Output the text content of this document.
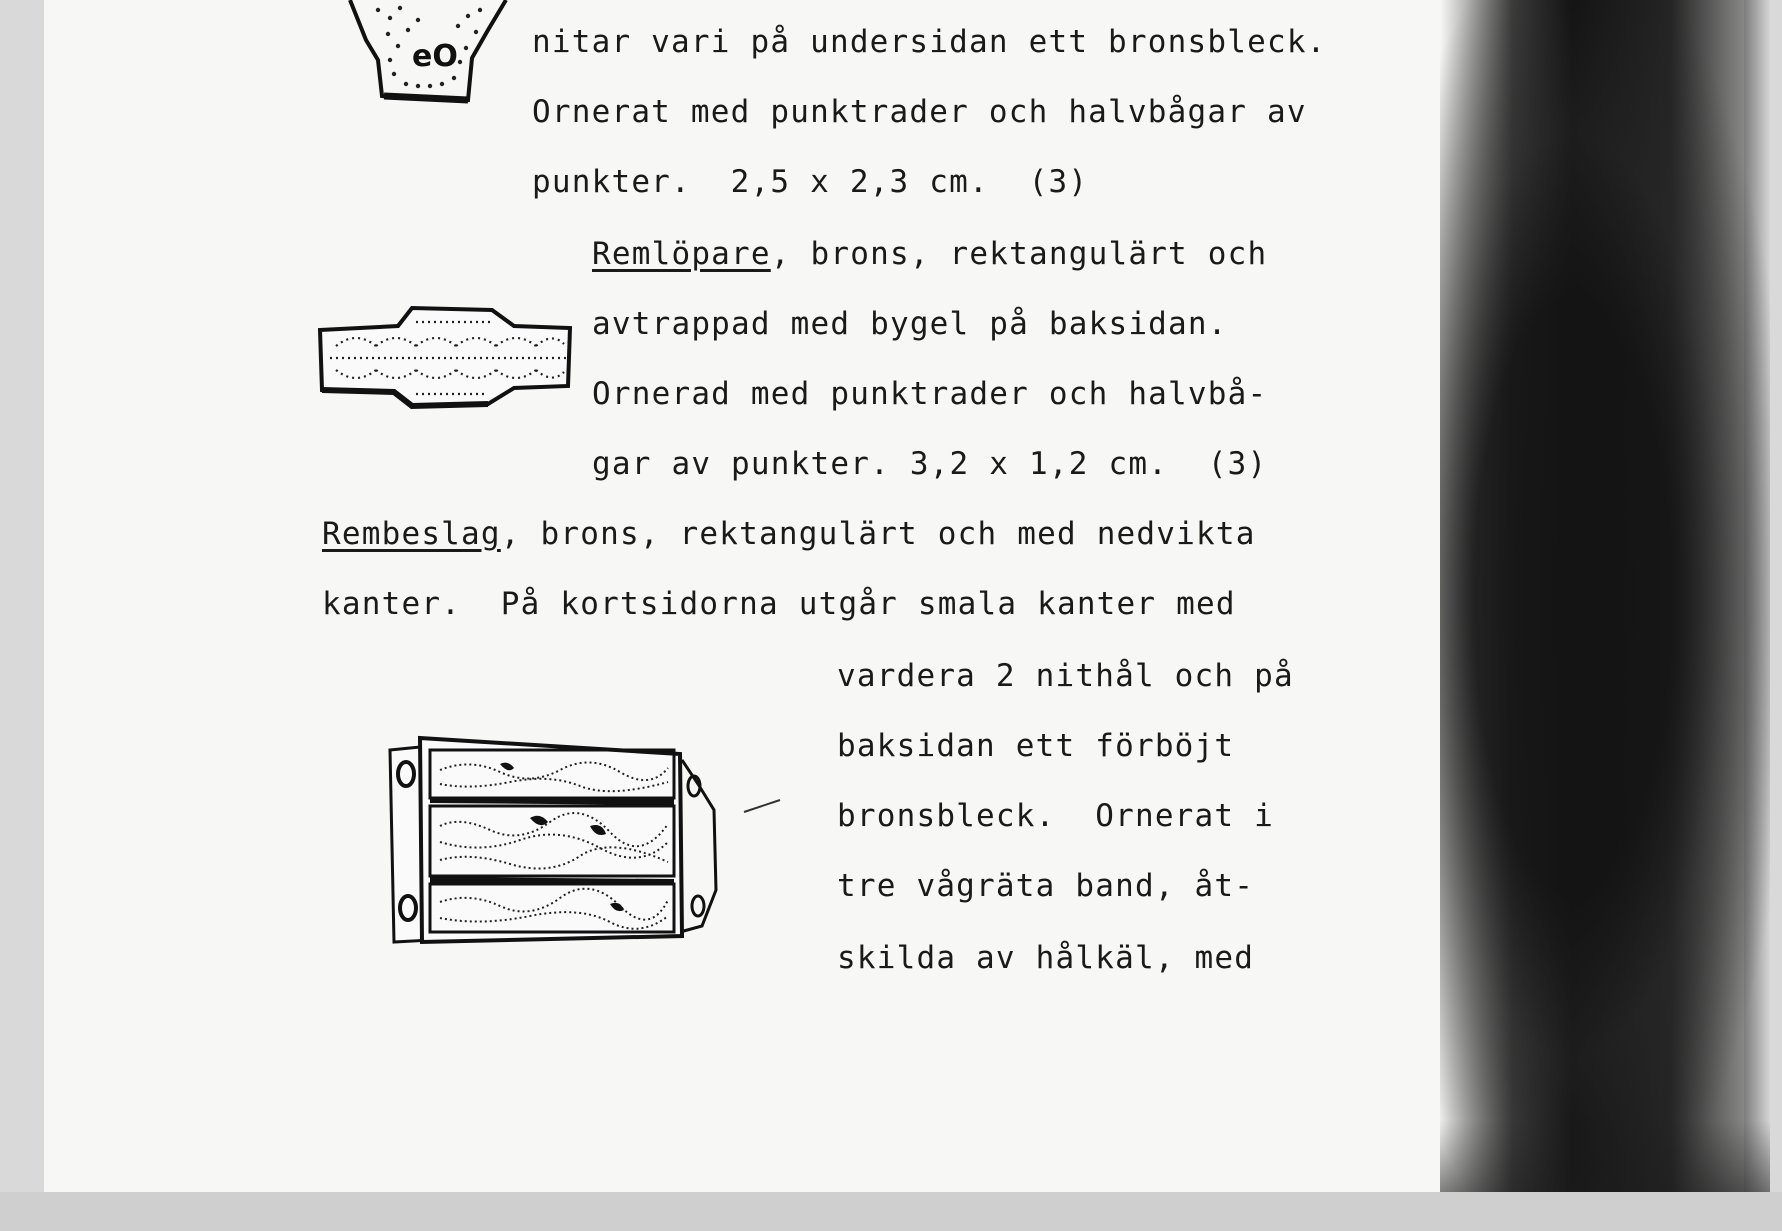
nitar vari på undersidan ett bronsbleck.
Ornerat med punktrader och halvbågar av
punkter.  2,5 x 2,3 cm.  (3)
Remlöpare, brons, rektangulärt och
avtrappad med bygel på baksidan.
Ornerad med punktrader och halvbå-
gar av punkter. 3,2 x 1,2 cm.  (3)
Rembeslag, brons, rektangulärt och med nedvikta
kanter.  På kortsidorna utgår smala kanter med
vardera 2 nithål och på
baksidan ett förböjt
bronsbleck.  Ornerat i
tre vågräta band, åt-
skilda av hålkäl, med
eO
